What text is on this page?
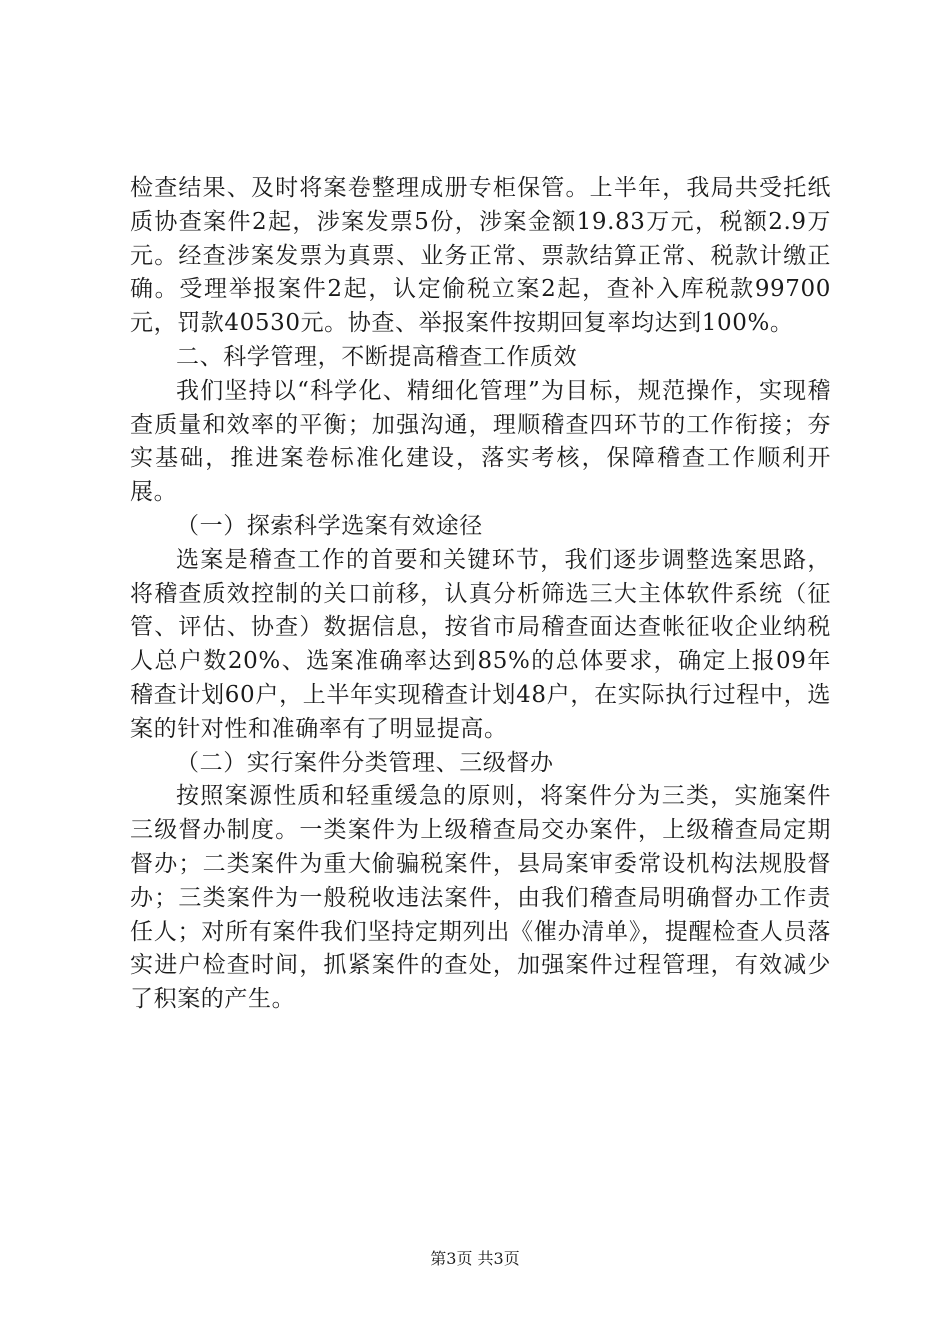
检查结果、及时将案卷整理成册专柜保管。上半年，我局共受托纸质协查案件2起，涉案发票5份，涉案金额19.83万元，税额2.9万元。经查涉案发票为真票、业务正常、票款结算正常、税款计缴正确。受理举报案件2起，认定偷税立案2起，查补入库税款99700元，罚款40530元。协查、举报案件按期回复率均达到100%。

二、科学管理，不断提高稽查工作质效

我们坚持以“科学化、精细化管理”为目标，规范操作，实现稽查质量和效率的平衡；加强沟通，理顺稽查四环节的工作衔接；夯实基础，推进案卷标准化建设，落实考核，保障稽查工作顺利开展。

（一）探索科学选案有效途径

选案是稽查工作的首要和关键环节，我们逐步调整选案思路，将稽查质效控制的关口前移，认真分析筛选三大主体软件系统（征管、评估、协查）数据信息，按省市局稽查面达查帐征收企业纳税人总户数20%、选案准确率达到85%的总体要求，确定上报09年稽查计划60户，上半年实现稽查计划48户，在实际执行过程中，选案的针对性和准确率有了明显提高。

（二）实行案件分类管理、三级督办

按照案源性质和轻重缓急的原则，将案件分为三类，实施案件三级督办制度。一类案件为上级稽查局交办案件，上级稽查局定期督办；二类案件为重大偷骗税案件，县局案审委常设机构法规股督办；三类案件为一般税收违法案件，由我们稽查局明确督办工作责任人；对所有案件我们坚持定期列出《催办清单》，提醒检查人员落实进户检查时间，抓紧案件的查处，加强案件过程管理，有效减少了积案的产生。

第3页 共3页
